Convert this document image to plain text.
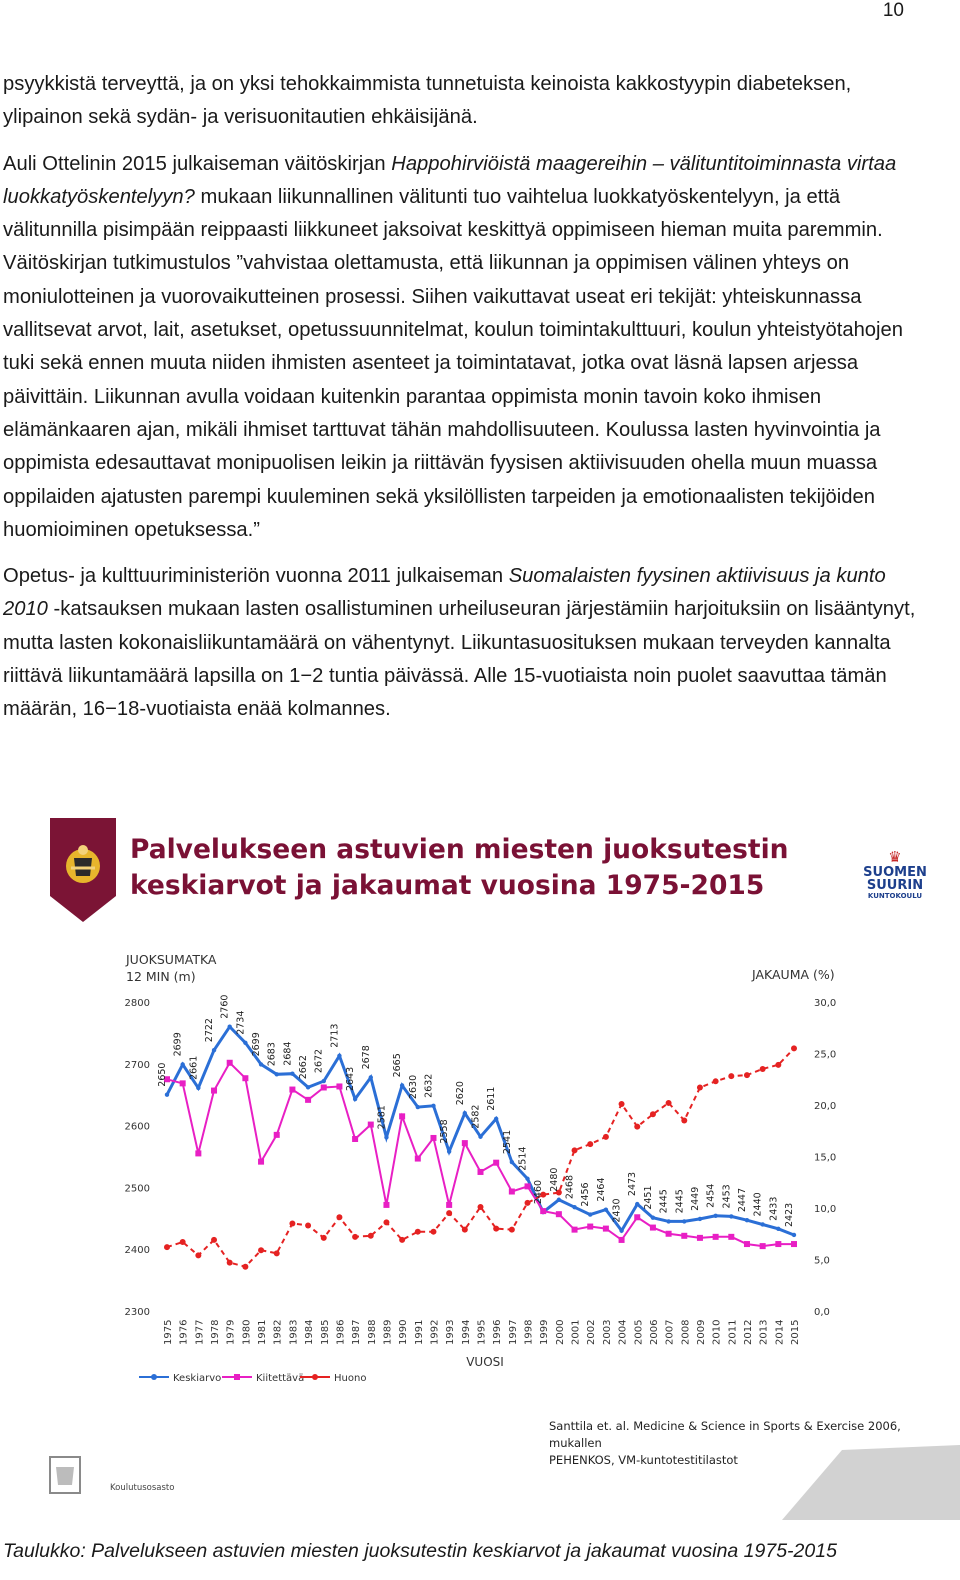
10

psyykkistä terveyttä, ja on yksi tehokkaimmista tunnetuista keinoista kakkostyypin diabeteksen, ylipainon sekä sydän- ja verisuonitautien ehkäisijänä.

Auli Ottelinin 2015 julkaiseman väitöskirjan Happohirviöistä maagereihin – välituntitoiminnasta virtaa luokkatyöskentelyyn? mukaan liikunnallinen välitunti tuo vaihtelua luokkatyöskentelyyn, ja että välitunnilla pisimpään reippaasti liikkuneet jaksoivat keskittyä oppimiseen hieman muita paremmin. Väitöskirjan tutkimustulos ”vahvistaa olettamusta, että liikunnan ja oppimisen välinen yhteys on moniulotteinen ja vuorovaikutteinen prosessi. Siihen vaikuttavat useat eri tekijät: yhteiskunnassa vallitsevat arvot, lait, asetukset, opetussuunnitelmat, koulun toimintakulttuuri, koulun yhteistyötahojen tuki sekä ennen muuta niiden ihmisten asenteet ja toimintatavat, jotka ovat läsnä lapsen arjessa päivittäin. Liikunnan avulla voidaan kuitenkin parantaa oppimista monin tavoin koko ihmisen elämänkaaren ajan, mikäli ihmiset tarttuvat tähän mahdollisuuteen. Koulussa lasten hyvinvointia ja oppimista edesauttavat monipuolisen leikin ja riittävän fyysisen aktiivisuuden ohella muun muassa oppilaiden ajatusten parempi kuuleminen sekä yksilöllisten tarpeiden ja emotionaalisten tekijöiden huomioiminen opetuksessa.”

Opetus- ja kulttuuriministeriön vuonna 2011 julkaiseman Suomalaisten fyysinen aktiivisuus ja kunto 2010 -katsauksen mukaan lasten osallistuminen urheiluseuran järjestämiin harjoituksiin on lisääntynyt, mutta lasten kokonaisliikuntamäärä on vähentynyt. Liikuntasuosituksen mukaan terveyden kannalta riittävä liikuntamäärä lapsilla on 1−2 tuntia päivässä. Alle 15-vuotiaista noin puolet saavuttaa tämän määrän, 16−18-vuotiaista enää kolmannes.

Palvelukseen astuvien miesten juoksutestin
keskiarvot ja jakaumat vuosina 1975-2015
♛
SUOMEN
SUURIN
KUNTOKOULU
JUOKSUMATKA
12 MIN (m)	JAKAUMA (%)
2300
2400
2500
2600
2700
2800
0,0
5,0
10,0
15,0
20,0
25,0
30,0
1975 1976 1977 1978 1979 1980 1981 1982 1983 1984 1985 1986 1987 1988 1989 1990 1991 1992 1993 1994 1995 1996 1997 1998 1999 2000 2001 2002 2003 2004 2005 2006 2007 2008 2009 2010 2011 2012 2013 2014 2015
VUOSI
2650
2699
2661
2722
2760
2734
2699 2683 2684
2662 2672
2713
2643
2678
2581
2665
2630 2632
2558
2620
2582
2611
2541
2514
2460
2480 2468 2456 2464
2430
2473
2451 2445 2445 2449 2454 2453 2447 2440 2433 2423
Keskiarvo	Kiitettävä	Huono
Santtila et. al. Medicine & Science in Sports & Exercise 2006, mukallen
PEHENKOS, VM-kuntotestitilastot
Koulutusosasto
Taulukko: Palvelukseen astuvien miesten juoksutestin keskiarvot ja jakaumat vuosina 1975-2015
